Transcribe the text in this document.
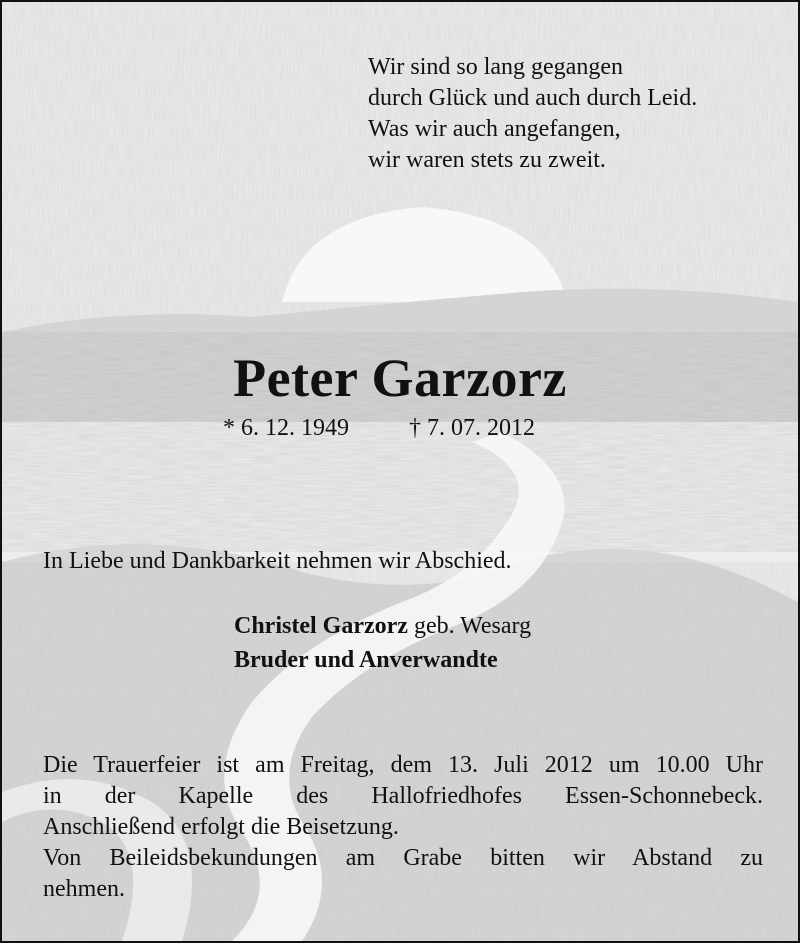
Wir sind so lang gegangen
durch Glück und auch durch Leid.
Was wir auch angefangen,
wir waren stets zu zweit.
Peter Garzorz
* 6. 12. 1949	† 7. 07. 2012
In Liebe und Dankbarkeit nehmen wir Abschied.
Christel Garzorz geb. Wesarg
Bruder und Anverwandte
Die Trauerfeier ist am Freitag, dem 13. Juli 2012 um 10.00 Uhr
in der Kapelle des Hallofriedhofes Essen-Schonnebeck.
Anschließend erfolgt die Beisetzung.
Von Beileidsbekundungen am Grabe bitten wir Abstand zu
nehmen.
